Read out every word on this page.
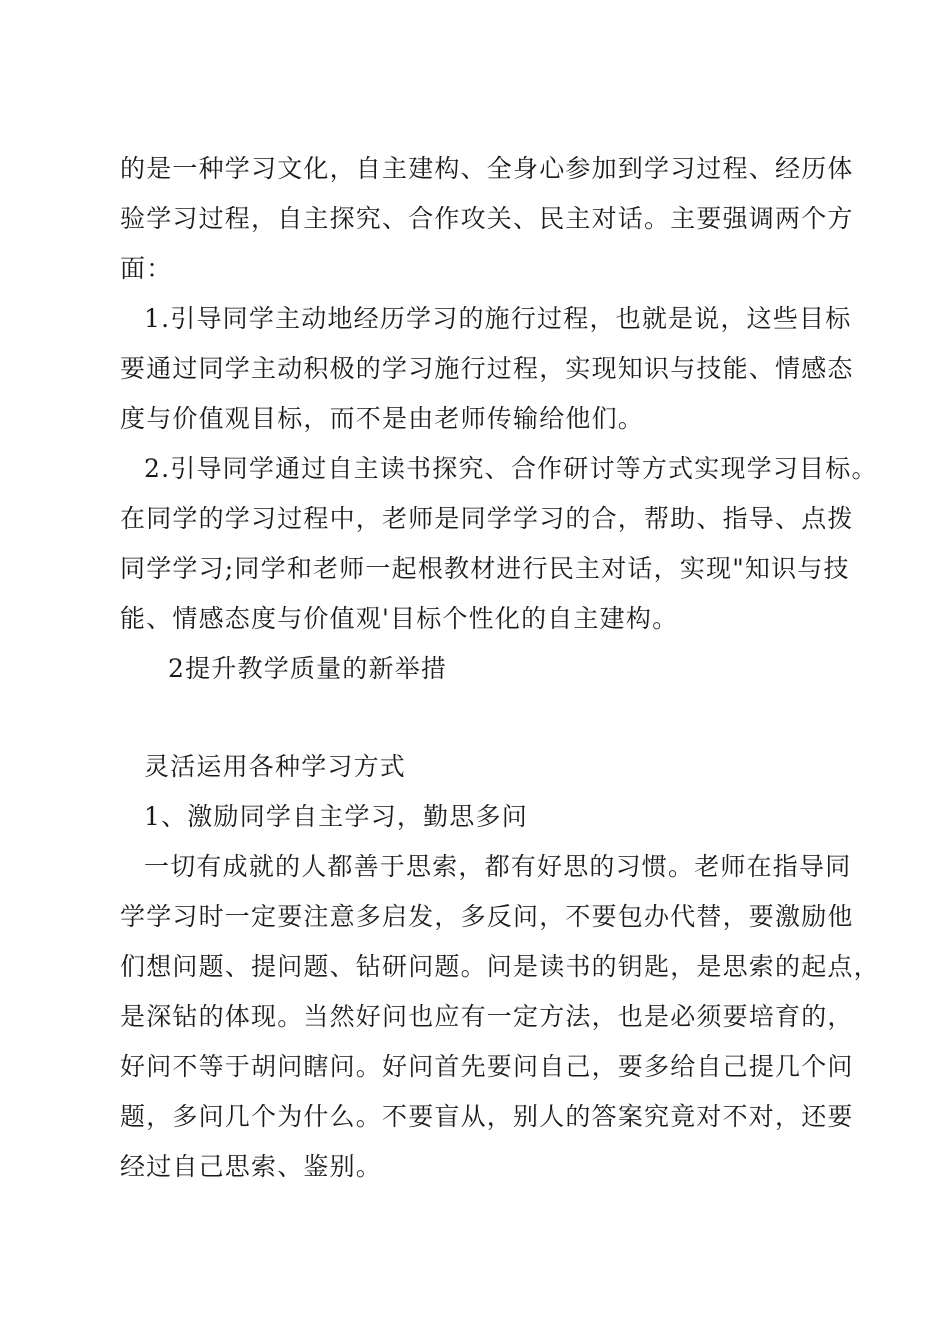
的是一种学习文化，自主建构、全身心参加到学习过程、经历体
验学习过程，自主探究、合作攻关、民主对话。主要强调两个方
面：
1.引导同学主动地经历学习的施行过程，也就是说，这些目标
要通过同学主动积极的学习施行过程，实现知识与技能、情感态
度与价值观目标，而不是由老师传输给他们。
2.引导同学通过自主读书探究、合作研讨等方式实现学习目标。
在同学的学习过程中，老师是同学学习的合，帮助、指导、点拨
同学学习;同学和老师一起根教材进行民主对话，实现"知识与技
能、情感态度与价值观'目标个性化的自主建构。
2提升教学质量的新举措
灵活运用各种学习方式
1、激励同学自主学习，勤思多问
一切有成就的人都善于思索，都有好思的习惯。老师在指导同
学学习时一定要注意多启发，多反问，不要包办代替，要激励他
们想问题、提问题、钻研问题。问是读书的钥匙，是思索的起点，
是深钻的体现。当然好问也应有一定方法，也是必须要培育的，
好问不等于胡问瞎问。好问首先要问自己，要多给自己提几个问
题，多问几个为什么。不要盲从，别人的答案究竟对不对，还要
经过自己思索、鉴别。
